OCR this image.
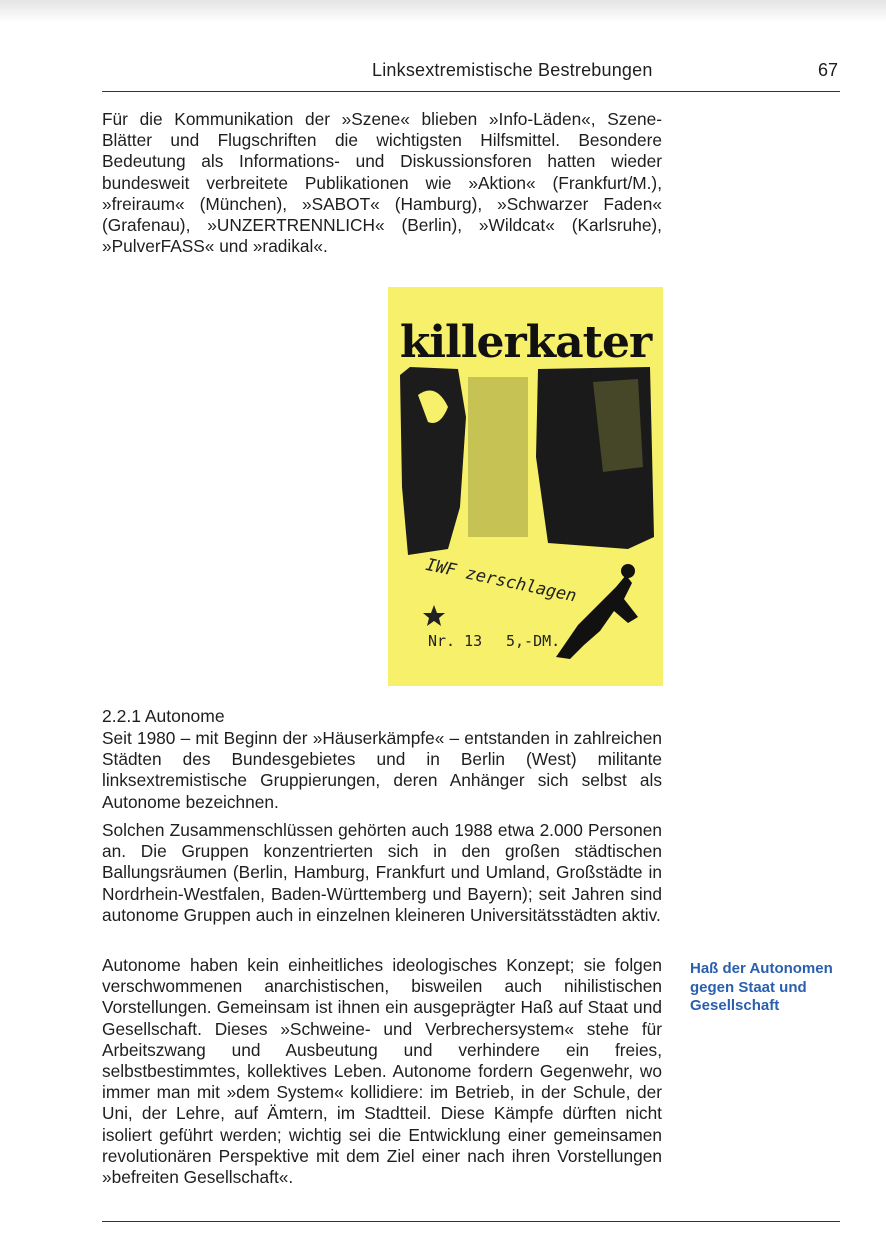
Linksextremistische Bestrebungen	67

Für die Kommunikation der »Szene« blieben »Info-Läden«, Szene-Blätter und Flugschriften die wichtigsten Hilfsmittel. Besondere Bedeutung als Informations- und Diskussionsforen hatten wieder bundesweit verbreitete Publikationen wie »Aktion« (Frankfurt/M.), »freiraum« (München), »SABOT« (Hamburg), »Schwarzer Faden« (Grafenau), »UNZERTRENNLICH« (Berlin), »Wildcat« (Karlsruhe), »PulverFASS« und »radikal«.

killerkater
IWF zerschlagen
Nr. 13 5,-DM.
2.2.1 Autonome

Seit 1980 – mit Beginn der »Häuserkämpfe« – entstanden in zahlreichen Städten des Bundesgebietes und in Berlin (West) militante linksextremistische Gruppierungen, deren Anhänger sich selbst als Autonome bezeichnen.

Solchen Zusammenschlüssen gehörten auch 1988 etwa 2.000 Personen an. Die Gruppen konzentrierten sich in den großen städtischen Ballungsräumen (Berlin, Hamburg, Frankfurt und Umland, Großstädte in Nordrhein-Westfalen, Baden-Württemberg und Bayern); seit Jahren sind autonome Gruppen auch in einzelnen kleineren Universitätsstädten aktiv.

Autonome haben kein einheitliches ideologisches Konzept; sie folgen verschwommenen anarchistischen, bisweilen auch nihilistischen Vorstellungen. Gemeinsam ist ihnen ein ausgeprägter Haß auf Staat und Gesellschaft. Dieses »Schweine- und Verbrechersystem« stehe für Arbeitszwang und Ausbeutung und verhindere ein freies, selbstbestimmtes, kollektives Leben. Autonome fordern Gegenwehr, wo immer man mit »dem System« kollidiere: im Betrieb, in der Schule, der Uni, der Lehre, auf Ämtern, im Stadtteil. Diese Kämpfe dürften nicht isoliert geführt werden; wichtig sei die Entwicklung einer gemeinsamen revolutionären Perspektive mit dem Ziel einer nach ihren Vorstellungen »befreiten Gesellschaft«.

Haß der Autonomen gegen Staat und Gesellschaft
